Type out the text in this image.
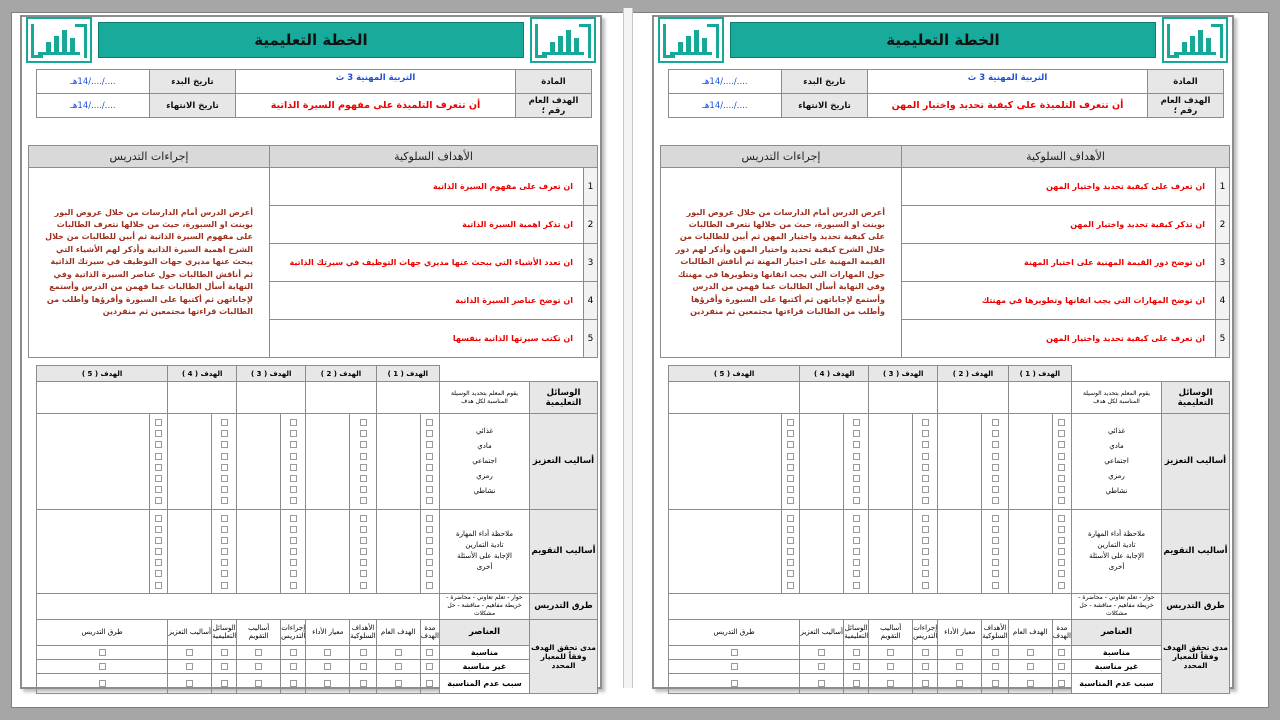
الخطة التعليمية
المادة	التربية المهنية 3 ث	تاريخ البدء	..../..../14هـ
الهدف العام رقم ؛	أن تتعرف التلميذة على مفهوم السيرة الذاتية	تاريخ الانتهاء	..../..../14هـ
الأهداف السلوكية		إجراءات التدريس
1	ان تعرف على مفهوم السيرة الذاتية	أعرض الدرس أمام الدارسات من خلال عروض البور بوينت او السبورة، حيث من خلالها نتعرف الطالبات على مفهوم السيرة الذاتية ثم أبين للطالبات من خلال الشرح اهمية السيرة الذاتية وأذكر لهم الأشياء التي يبحث عنها مديري جهات التوظيف في سيرتك الذاتية ثم أناقش الطالبات حول عناصر السيرة الذاتية وفي النهاية أسأل الطالبات عما فهمن من الدرس وأستمع لإجاباتهن ثم أكتبها على السبورة وأقرؤها وأطلب من الطالبات قراءتها مجتمعين ثم منفردين
2	ان تذكر اهمية السيرة الذاتية	
3	ان تعدد الأشياء التي يبحث عنها مديري جهات التوظيف في سيرتك الذاتية	
4	ان توضح عناصر السيرة الذاتية	
5	ان تكتب سيرتها الذاتية بنفسها	
		الهدف ( 1 )		الهدف ( 2 )		الهدف ( 3 )		الهدف ( 4 )		الهدف ( 5 )	
الوسائل التعليمية	يقوم المعلم بتحديد الوسيلة المناسبة لكل هدف										
أساليب التعزيز	غذائي
مادي
اجتماعي
رمزي
نشاطي										

أساليب التقويم	ملاحظة أداء المهارة
تادية التمارين
الإجابة على الأسئلة
أخرى										

طرق التدريس	حوار - تعلم تعاوني - محاضرة - خريطة مفاهيم - مناقشة - حل مشكلات										
مدى تحقق الهدف وفقاً للمعيار المحدد	العناصر	مدة الهدف	الهدف العام	الأهداف السلوكية	معيار الأداء	إجراءات التدريس	أساليب التقويم	الوسائل التعليمية	أساليب التعزيز	طرق التدريس	
	مناسبة		

	غير مناسبة		

	سبب عدم المناسبة		

الخطة التعليمية
المادة	التربية المهنية 3 ث	تاريخ البدء	..../..../14هـ
الهدف العام رقم ؛	أن تتعرف التلميذة على كيفية تحديد واختيار المهن	تاريخ الانتهاء	..../..../14هـ
الأهداف السلوكية		إجراءات التدريس
1	ان تعرف على كيفية تحديد واختيار المهن	أعرض الدرس أمام الدارسات من خلال عروض البور بوينت او السبورة، حيث من خلالها نتعرف الطالبات على كيفية تحديد واختيار المهن ثم أبين للطالبات من خلال الشرح كيفية تحديد واختيار المهن وأذكر لهم دور القيمة المهنية على اختيار المهنة ثم أناقش الطالبات حول المهارات التي يجب اتقانها وتطويرها في مهنتك وفي النهاية أسأل الطالبات عما فهمن من الدرس وأستمع لإجاباتهن ثم أكتبها على السبورة وأقرؤها وأطلب من الطالبات قراءتها مجتمعين ثم منفردين
2	ان تذكر كيفية تحديد واختيار المهن	
3	ان توضح دور القيمة المهنية على اختيار المهنة	
4	ان توضح المهارات التي يجب اتقانها وتطويرها في مهنتك	
5	ان تعرف على كيفية تحديد واختيار المهن	
		الهدف ( 1 )		الهدف ( 2 )		الهدف ( 3 )		الهدف ( 4 )		الهدف ( 5 )	
الوسائل التعليمية	يقوم المعلم بتحديد الوسيلة المناسبة لكل هدف										
أساليب التعزيز	غذائي
مادي
اجتماعي
رمزي
نشاطي										

أساليب التقويم	ملاحظة أداء المهارة
تادية التمارين
الإجابة على الأسئلة
أخرى										

طرق التدريس	حوار - تعلم تعاوني - محاضرة - خريطة مفاهيم - مناقشة - حل مشكلات										
مدى تحقق الهدف وفقاً للمعيار المحدد	العناصر	مدة الهدف	الهدف العام	الأهداف السلوكية	معيار الأداء	إجراءات التدريس	أساليب التقويم	الوسائل التعليمية	أساليب التعزيز	طرق التدريس	
	مناسبة		

	غير مناسبة		

	سبب عدم المناسبة		
